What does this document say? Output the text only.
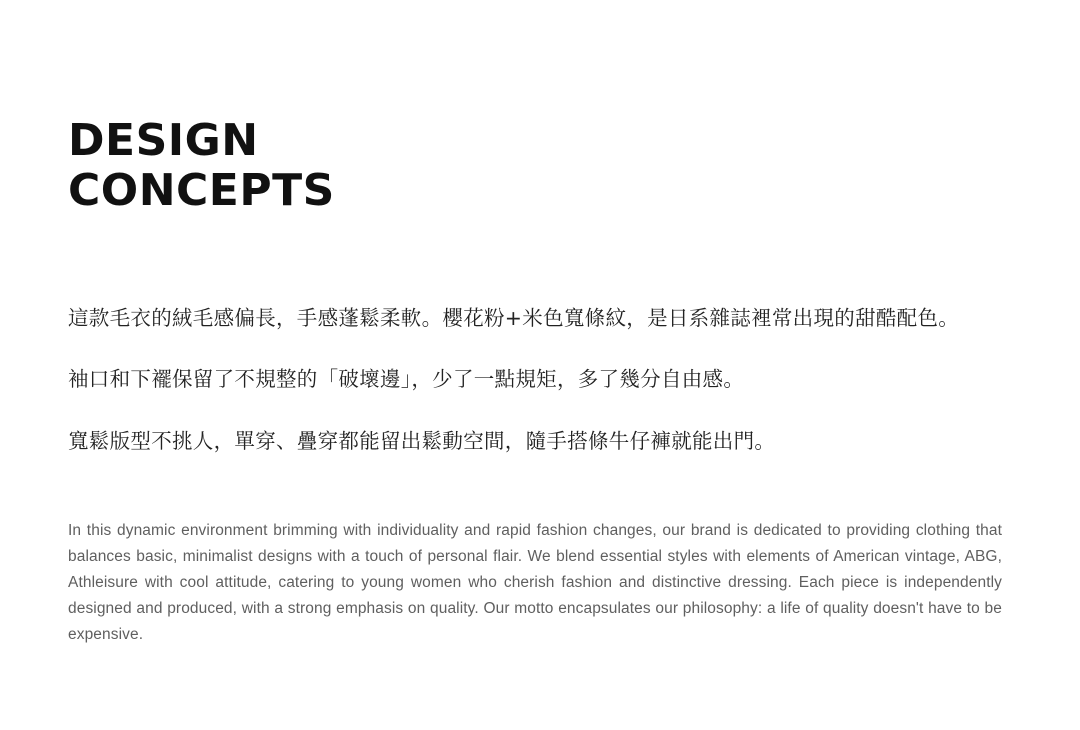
DESIGN
CONCEPTS

這款毛衣的絨毛感偏長，手感蓬鬆柔軟。櫻花粉+米色寬條紋，是日系雜誌裡常出現的甜酷配色。

袖口和下襬保留了不規整的「破壞邊」，少了一點規矩，多了幾分自由感。

寬鬆版型不挑人，單穿、疊穿都能留出鬆動空間，隨手搭條牛仔褲就能出門。

In this dynamic environment brimming with individuality and rapid fashion changes, our brand is dedicated to providing clothing that balances basic, minimalist designs with a touch of personal flair. We blend essential styles with elements of American vintage, ABG, Athleisure with cool attitude, catering to young women who cherish fashion and distinctive dressing. Each piece is independently designed and produced, with a strong emphasis on quality. Our motto encapsulates our philosophy: a life of quality doesn't have to be expensive.
